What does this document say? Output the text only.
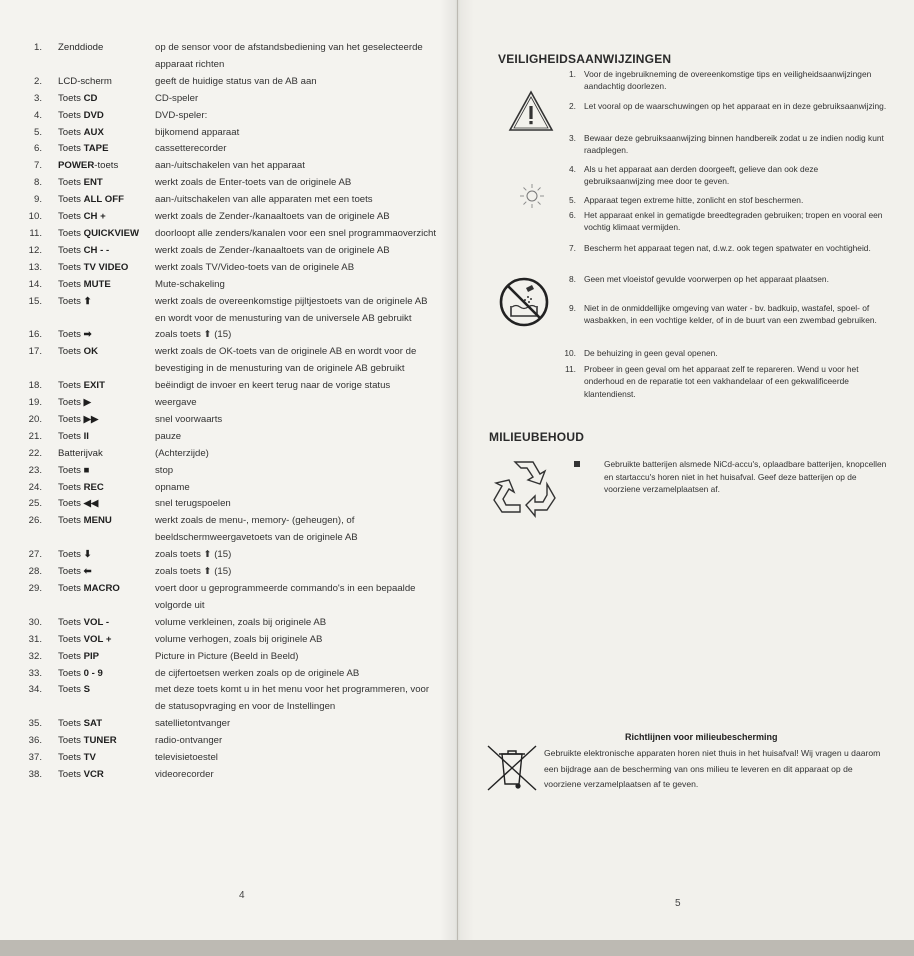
1. Zenddiode	op de sensor voor de afstandsbediening van het geselecteerde apparaat richten
2. LCD-scherm	geeft de huidige status van de AB aan
3. Toets CD	CD-speler
4. Toets DVD	DVD-speler:
5. Toets AUX	bijkomend apparaat
6. Toets TAPE	cassetterecorder
7. POWER-toets	aan-/uitschakelen van het apparaat
8. Toets ENT	werkt zoals de Enter-toets van de originele AB
9. Toets ALL OFF	aan-/uitschakelen van alle apparaten met een toets
10. Toets CH +	werkt zoals de Zender-/kanaaltoets van de originele AB
11. Toets QUICKVIEW	doorloopt alle zenders/kanalen voor een snel programmaoverzicht
12. Toets CH - -	werkt zoals de Zender-/kanaaltoets van de originele AB
13. Toets TV VIDEO	werkt zoals TV/Video-toets van de originele AB
14. Toets MUTE	Mute-schakeling
15. Toets ⬆	werkt zoals de overeenkomstige pijltjestoets van de originele AB en wordt voor de menusturing van de universele AB gebruikt
16. Toets ➡	zoals toets ⬆ (15)
17. Toets OK	werkt zoals de OK-toets van de originele AB en wordt voor de bevestiging in de menusturing van de originele AB gebruikt
18. Toets EXIT	beëindigt de invoer en keert terug naar de vorige status
19. Toets ▶	weergave
20. Toets ▶▶	snel voorwaarts
21. Toets II	pauze
22. Batterijvak	(Achterzijde)
23. Toets ■	stop
24. Toets REC	opname
25. Toets ◀◀	snel terugspoelen
26. Toets MENU	werkt zoals de menu-, memory- (geheugen), of beeldschermweergavetoets van de originele AB
27. Toets ⬇	zoals toets ⬆ (15)
28. Toets ⬅	zoals toets ⬆ (15)
29. Toets MACRO	voert door u geprogrammeerde commando's in een bepaalde volgorde uit
30. Toets VOL -	volume verkleinen, zoals bij originele AB
31. Toets VOL +	volume verhogen, zoals bij originele AB
32. Toets PIP	Picture in Picture (Beeld in Beeld)
33. Toets 0 - 9	de cijfertoetsen werken zoals op de originele AB
34. Toets S	met deze toets komt u in het menu voor het programmeren, voor de statusopvraging en voor de Instellingen
35. Toets SAT	satellietontvanger
36. Toets TUNER	radio-ontvanger
37. Toets TV	televisietoestel
38. Toets VCR	videorecorder
4
5
VEILIGHEIDSAANWIJZINGEN
1. Voor de ingebruikneming de overeenkomstige tips en veiligheidsaanwijzingen aandachtig doorlezen.
2. Let vooral op de waarschuwingen op het apparaat en in deze gebruiksaanwijzing.
3. Bewaar deze gebruiksaanwijzing binnen handbereik zodat u ze indien nodig kunt raadplegen.
4. Als u het apparaat aan derden doorgeeft, gelieve dan ook deze gebruiksaanwijzing mee door te geven.
5. Apparaat tegen extreme hitte, zonlicht en stof beschermen.
6. Het apparaat enkel in gematigde breedtegraden gebruiken; tropen en vooral een vochtig klimaat vermijden.
7. Bescherm het apparaat tegen nat, d.w.z. ook tegen spatwater en vochtigheid.
8. Geen met vloeistof gevulde voorwerpen op het apparaat plaatsen.
9. Niet in de onmiddellijke omgeving van water - bv. badkuip, wastafel, spoel- of wasbakken, in een vochtige kelder, of in de buurt van een zwembad gebruiken.
10. De behuizing in geen geval openen.
11. Probeer in geen geval om het apparaat zelf te repareren. Wend u voor het onderhoud en de reparatie tot een vakhandelaar of een gekwalificeerde klantendienst.
MILIEUBEHOUD
Gebruikte batterijen alsmede NiCd-accu's, oplaadbare batterijen, knopcellen en startaccu's horen niet in het huisafval. Geef deze batterijen op de voorziene verzamelplaatsen af.
Richtlijnen voor milieubescherming
Gebruikte elektronische apparaten horen niet thuis in het huisafval! Wij vragen u daarom een bijdrage aan de bescherming van ons milieu te leveren en dit apparaat op de voorziene verzamelplaatsen af te geven.
